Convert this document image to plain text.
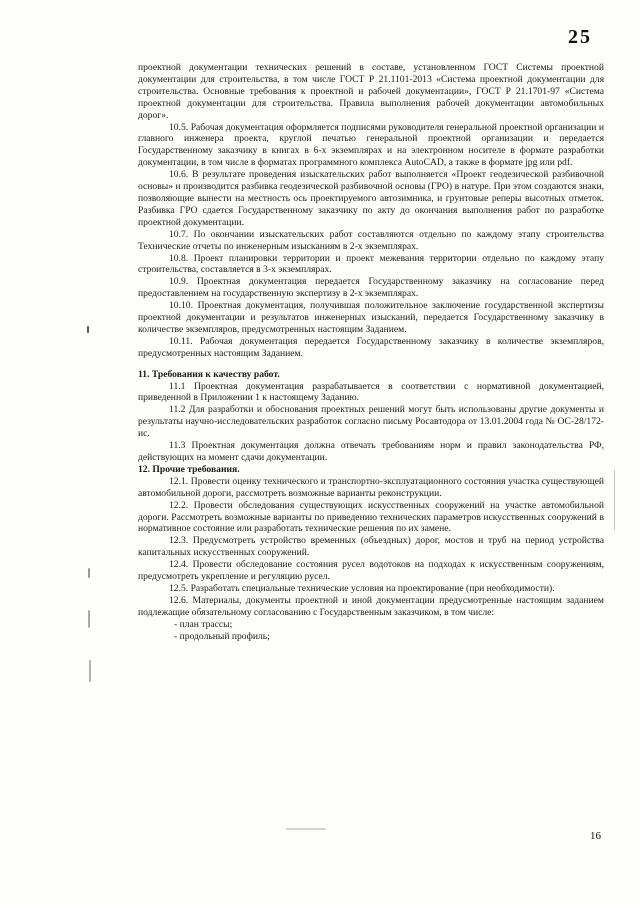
25

проектной документации технических решений в составе, установленном ГОСТ Системы проектной документации для строительства, в том числе ГОСТ Р 21.1101-2013 «Система проектной документации для строительства. Основные требования к проектной и рабочей документации», ГОСТ Р 21.1701-97 «Система проектной документации для строительства. Правила выполнения рабочей документации автомобильных дорог».

10.5. Рабочая документация оформляется подписями руководителя генеральной проектной организации и главного инженера проекта, круглой печатью генеральной проектной организации и передается Государственному заказчику в книгах в 6-х экземплярах и на электронном носителе в формате разработки документации, в том числе в форматах программного комплекса AutoCAD, а также в формате jpg или pdf.

10.6. В результате проведения изыскательских работ выполняется «Проект геодезической разбивочной основы» и производится разбивка геодезической разбивочной основы (ГРО) в натуре. При этом создаются знаки, позволяющие вынести на местность ось проектируемого автозимника, и грунтовые реперы высотных отметок. Разбивка ГРО сдается Государственному заказчику по акту до окончания выполнения работ по разработке проектной документации.

10.7. По окончании изыскательских работ составляются отдельно по каждому этапу строительства Технические отчеты по инженерным изысканиям в 2-х экземплярах.

10.8. Проект планировки территории и проект межевания территории отдельно по каждому этапу строительства, составляется в 3-х экземплярах.

10.9. Проектная документация передается Государственному заказчику на согласование перед предоставлением на государственную экспертизу в 2-х экземплярах.

10.10. Проектная документация, получившая положительное заключение государственной экспертизы проектной документации и результатов инженерных изысканий, передается Государственному заказчику в количестве экземпляров, предусмотренных настоящим Заданием.

10.11. Рабочая документация передается Государственному заказчику в количестве экземпляров, предусмотренных настоящим Заданием.

11. Требования к качеству работ.

11.1 Проектная документация разрабатывается в соответствии с нормативной документацией, приведенной в Приложении 1 к настоящему Заданию.

11.2 Для разработки и обоснования проектных решений могут быть использованы другие документы и результаты научно-исследовательских разработок согласно письму Росавтодора от 13.01.2004 года № ОС-28/172-ис.

11.3 Проектная документация должна отвечать требованиям норм и правил законодательства РФ, действующих на момент сдачи документации.

12. Прочие требования.

12.1. Провести оценку технического и транспортно-эксплуатационного состояния участка существующей автомобильной дороги, рассмотреть возможные варианты реконструкции.

12.2. Провести обследования существующих искусственных сооружений на участке автомобильной дороги. Рассмотреть возможные варианты по приведению технических параметров искусственных сооружений в нормативное состояние или разработать технические решения по их замене.

12.3. Предусмотреть устройство временных (объездных) дорог, мостов и труб на период устройства капитальных искусственных сооружений.

12.4. Провести обследование состояния русел водотоков на подходах к искусственным сооружениям, предусмотреть укрепление и регуляцию русел.

12.5. Разработать специальные технические условия на проектирование (при необходимости).

12.6. Материалы, документы проектной и иной документации предусмотренные настоящим заданием подлежащие обязательному согласованию с Государственным заказчиком, в том числе:

- план трассы;

- продольный профиль;

16
